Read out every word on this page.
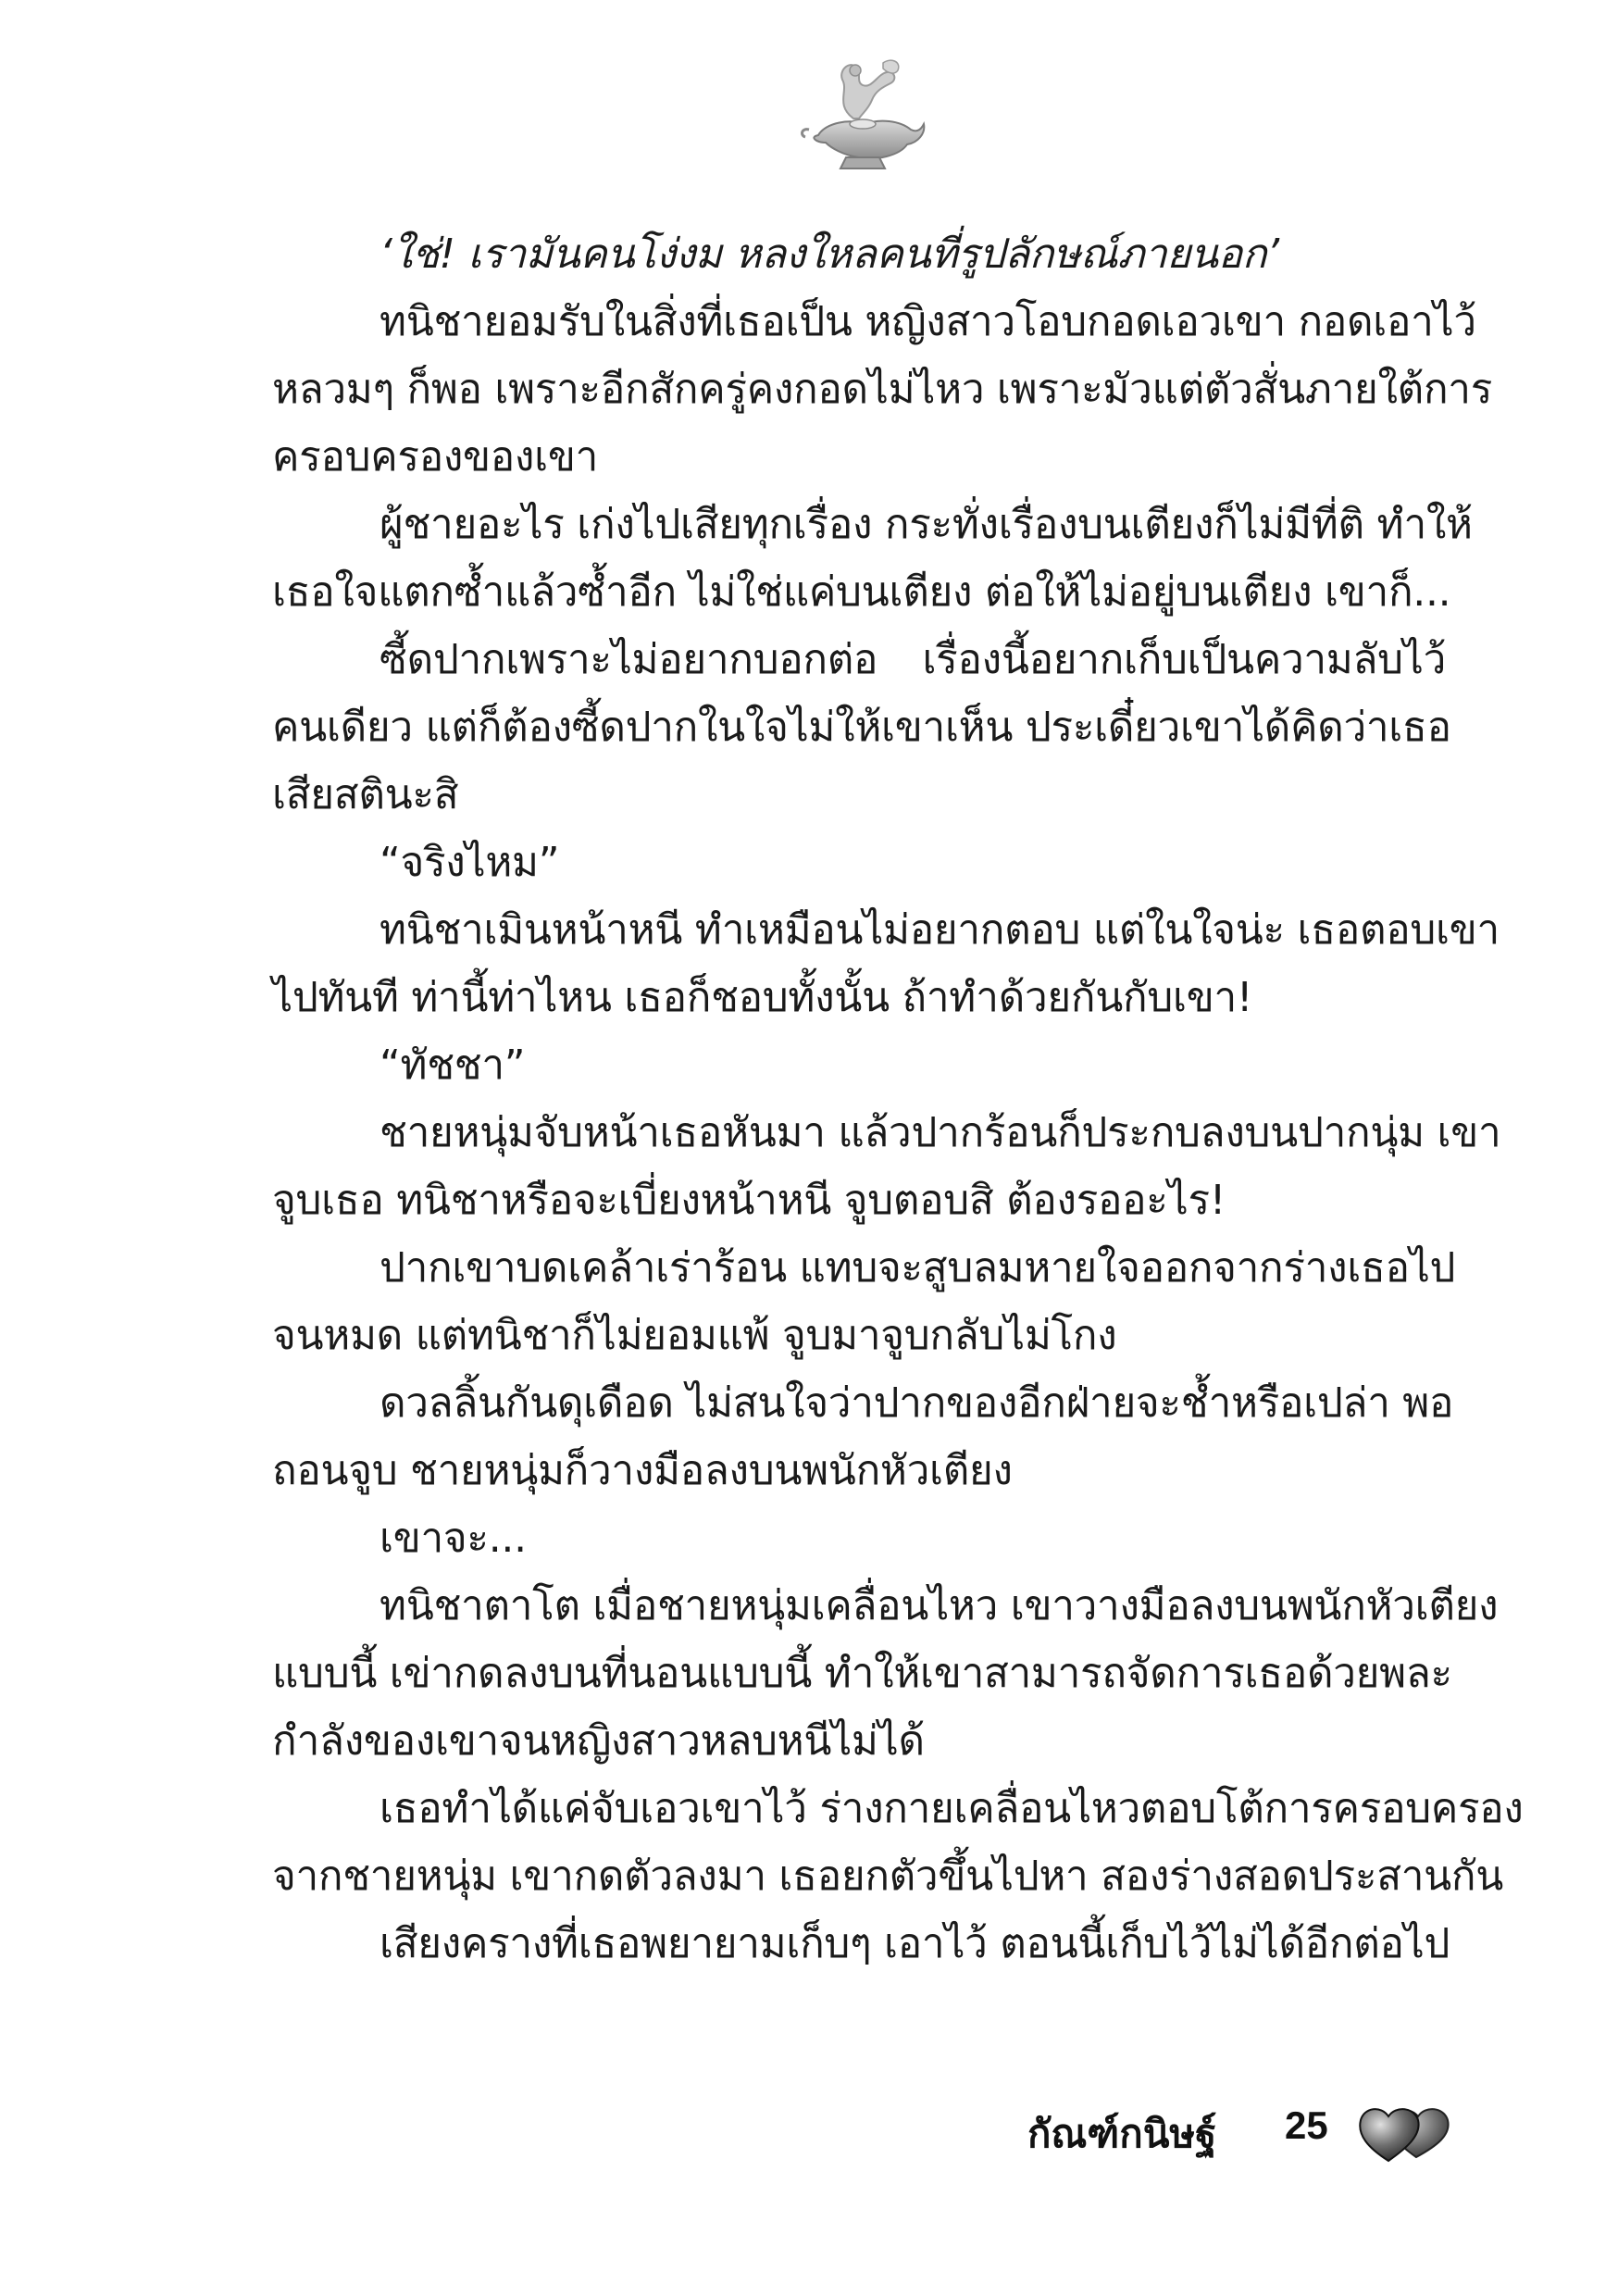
‘ใช่! เรามันคนโง่งม หลงใหลคนที่รูปลักษณ์ภายนอก’
ทนิชายอมรับในสิ่งที่เธอเป็น หญิงสาวโอบกอดเอวเขา กอดเอาไว้
หลวมๆ ก็พอ เพราะอีกสักครู่คงกอดไม่ไหว เพราะมัวแต่ตัวสั่นภายใต้การ
ครอบครองของเขา
ผู้ชายอะไร เก่งไปเสียทุกเรื่อง กระทั่งเรื่องบนเตียงก็ไม่มีที่ติ ทำให้
เธอใจแตกซ้ำแล้วซ้ำอีก ไม่ใช่แค่บนเตียง ต่อให้ไม่อยู่บนเตียง เขาก็...
ซี้ดปากเพราะไม่อยากบอกต่อ เรื่องนี้อยากเก็บเป็นความลับไว้
คนเดียว แต่ก็ต้องซี้ดปากในใจไม่ให้เขาเห็น ประเดี๋ยวเขาได้คิดว่าเธอ
เสียสตินะสิ
“จริงไหม”
ทนิชาเมินหน้าหนี ทำเหมือนไม่อยากตอบ แต่ในใจน่ะ เธอตอบเขา
ไปทันที ท่านี้ท่าไหน เธอก็ชอบทั้งนั้น ถ้าทำด้วยกันกับเขา!
“ทัชชา”
ชายหนุ่มจับหน้าเธอหันมา แล้วปากร้อนก็ประกบลงบนปากนุ่ม เขา
จูบเธอ ทนิชาหรือจะเบี่ยงหน้าหนี จูบตอบสิ ต้องรออะไร!
ปากเขาบดเคล้าเร่าร้อน แทบจะสูบลมหายใจออกจากร่างเธอไป
จนหมด แต่ทนิชาก็ไม่ยอมแพ้ จูบมาจูบกลับไม่โกง
ดวลลิ้นกันดุเดือด ไม่สนใจว่าปากของอีกฝ่ายจะช้ำหรือเปล่า พอ
ถอนจูบ ชายหนุ่มก็วางมือลงบนพนักหัวเตียง
เขาจะ...
ทนิชาตาโต เมื่อชายหนุ่มเคลื่อนไหว เขาวางมือลงบนพนักหัวเตียง
แบบนี้ เข่ากดลงบนที่นอนแบบนี้ ทำให้เขาสามารถจัดการเธอด้วยพละ
กำลังของเขาจนหญิงสาวหลบหนีไม่ได้
เธอทำได้แค่จับเอวเขาไว้ ร่างกายเคลื่อนไหวตอบโต้การครอบครอง
จากชายหนุ่ม เขากดตัวลงมา เธอยกตัวขึ้นไปหา สองร่างสอดประสานกัน
เสียงครางที่เธอพยายามเก็บๆ เอาไว้ ตอนนี้เก็บไว้ไม่ได้อีกต่อไป
กัณฑ์กนิษฐ์ 25
